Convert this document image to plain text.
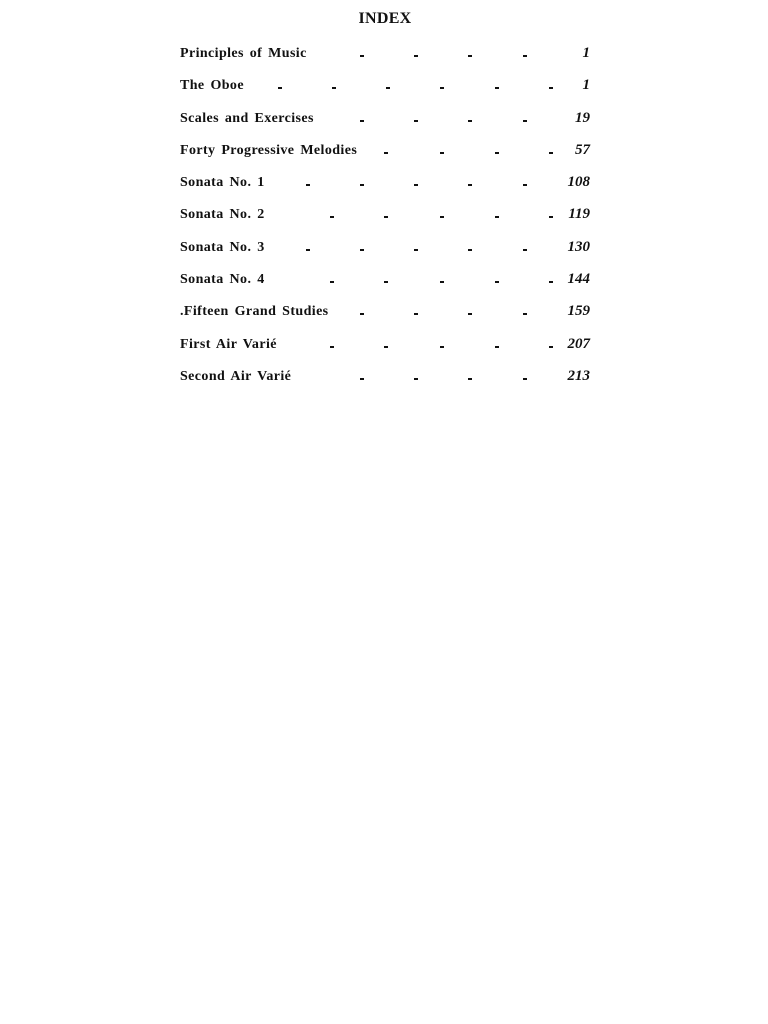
INDEX
Principles of Music	1
The Oboe	1
Scales and Exercises	19
Forty Progressive Melodies	57
Sonata No. 1	108
Sonata No. 2	119
Sonata No. 3	130
Sonata No. 4	144
.Fifteen Grand Studies	159
First Air Varié	207
Second Air Varié	213
